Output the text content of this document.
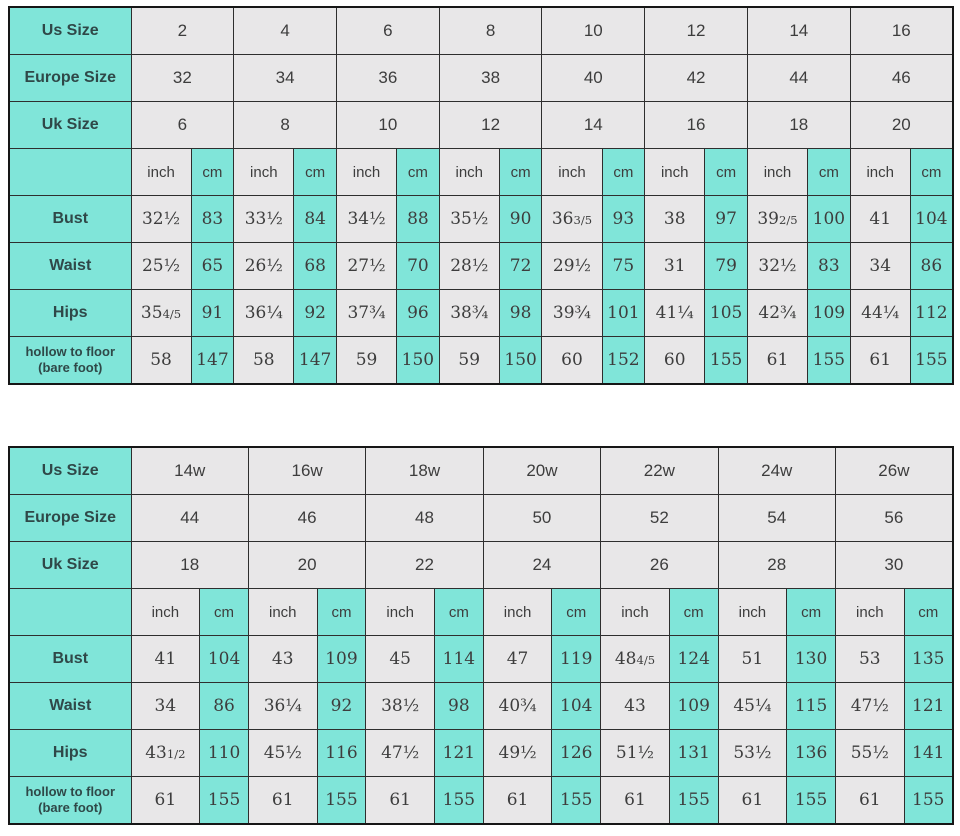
Us Size	2		4		6		8		10		12		14		16	
Europe Size	32		34		36		38		40		42		44		46	
Uk Size	6		8		10		12		14		16		18		20	
	inch	cm	inch	cm	inch	cm	inch	cm	inch	cm	inch	cm	inch	cm	inch	cm
Bust	32½	83	33½	84	34½	88	35½	90	363/5	93	38	97	392/5	100	41	104
Waist	25½	65	26½	68	27½	70	28½	72	29½	75	31	79	32½	83	34	86
Hips	354/5	91	36¼	92	37¾	96	38¾	98	39¾	101	41¼	105	42¾	109	44¼	112
hollow to floor (bare foot)	58	147	58	147	59	150	59	150	60	152	60	155	61	155	61	155
Us Size	14w		16w		18w		20w		22w		24w		26w	
Europe Size	44		46		48		50		52		54		56	
Uk Size	18		20		22		24		26		28		30	
	inch	cm	inch	cm	inch	cm	inch	cm	inch	cm	inch	cm	inch	cm
Bust	41	104	43	109	45	114	47	119	484/5	124	51	130	53	135
Waist	34	86	36¼	92	38½	98	40¾	104	43	109	45¼	115	47½	121
Hips	431/2	110	45½	116	47½	121	49½	126	51½	131	53½	136	55½	141
hollow to floor (bare foot)	61	155	61	155	61	155	61	155	61	155	61	155	61	155
